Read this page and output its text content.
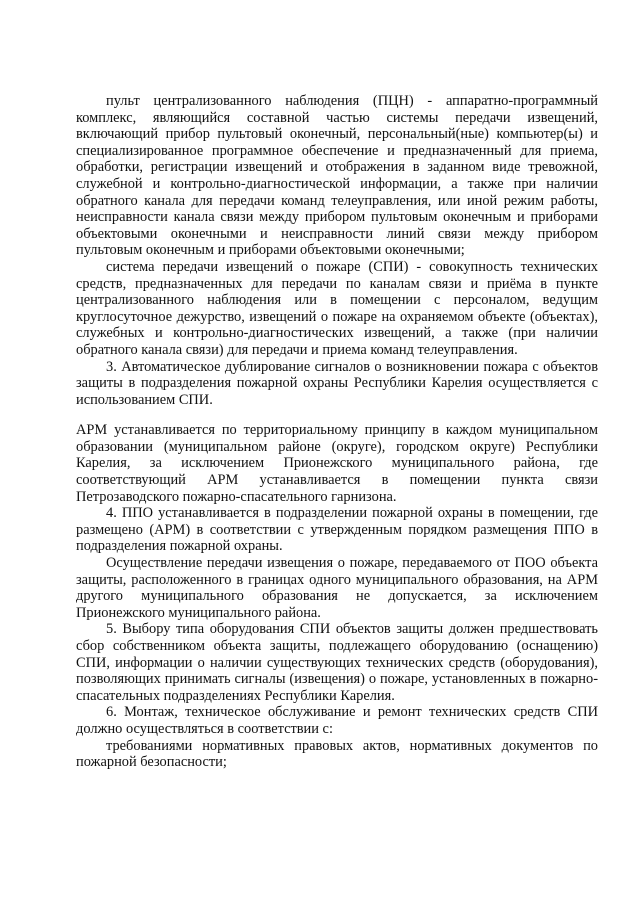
пульт централизованного наблюдения (ПЦН) - аппаратно-программный комплекс, являющийся составной частью системы передачи извещений, включающий прибор пультовый оконечный, персональный(ные) компьютер(ы) и специализированное программное обеспечение и предназначенный для приема, обработки, регистрации извещений и отображения в заданном виде тревожной, служебной и контрольно-диагностической информации, а также при наличии обратного канала для передачи команд телеуправления, или иной режим работы, неисправности канала связи между прибором пультовым оконечным и приборами объектовыми оконечными и неисправности линий связи между прибором пультовым оконечным и приборами объектовыми оконечными;

система передачи извещений о пожаре (СПИ) - совокупность технических средств, предназначенных для передачи по каналам связи и приёма в пункте централизованного наблюдения или в помещении с персоналом, ведущим круглосуточное дежурство, извещений о пожаре на охраняемом объекте (объектах), служебных и контрольно-диагностических извещений, а также (при наличии обратного канала связи) для передачи и приема команд телеуправления.

3. Автоматическое дублирование сигналов о возникновении пожара с объектов защиты в подразделения пожарной охраны Республики Карелия осуществляется с использованием СПИ.

АРМ устанавливается по территориальному принципу в каждом муниципальном образовании (муниципальном районе (округе), городском округе) Республики Карелия, за исключением Прионежского муниципального района, где соответствующий АРМ устанавливается в помещении пункта связи Петрозаводского пожарно-спасательного гарнизона.

4. ППО устанавливается в подразделении пожарной охраны в помещении, где размещено (АРМ) в соответствии с утвержденным порядком размещения ППО в подразделения пожарной охраны.

Осуществление передачи извещения о пожаре, передаваемого от ПОО объекта защиты, расположенного в границах одного муниципального образования, на АРМ другого муниципального образования не допускается, за исключением Прионежского муниципального района.

5. Выбору типа оборудования СПИ объектов защиты должен предшествовать сбор собственником объекта защиты, подлежащего оборудованию (оснащению) СПИ, информации о наличии существующих технических средств (оборудования), позволяющих принимать сигналы (извещения) о пожаре, установленных в пожарно-спасательных подразделениях Республики Карелия.

6. Монтаж, техническое обслуживание и ремонт технических средств СПИ должно осуществляться в соответствии с:

требованиями нормативных правовых актов, нормативных документов по пожарной безопасности;
